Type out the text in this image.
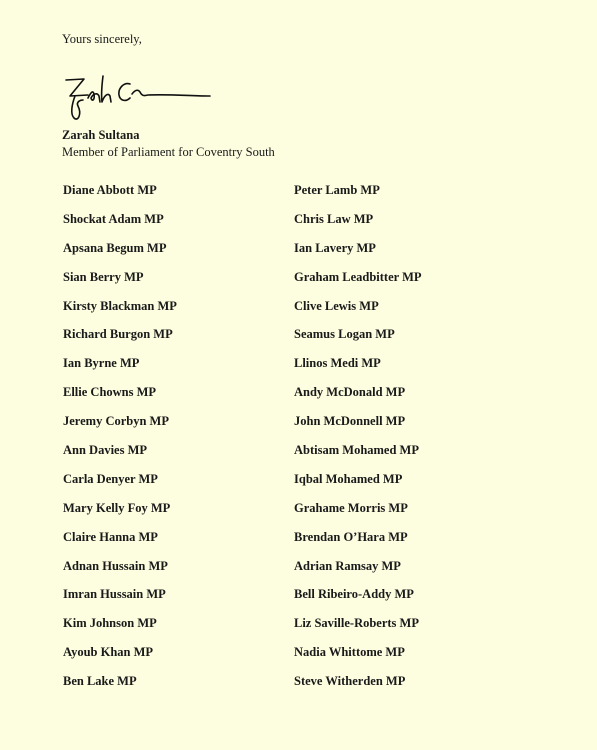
Yours sincerely,
Zarah Sultana
Member of Parliament for Coventry South
Diane Abbott MP
Shockat Adam MP
Apsana Begum MP
Sian Berry MP
Kirsty Blackman MP
Richard Burgon MP
Ian Byrne MP
Ellie Chowns MP
Jeremy Corbyn MP
Ann Davies MP
Carla Denyer MP
Mary Kelly Foy MP
Claire Hanna MP
Adnan Hussain MP
Imran Hussain MP
Kim Johnson MP
Ayoub Khan MP
Ben Lake MP
Peter Lamb MP
Chris Law MP
Ian Lavery MP
Graham Leadbitter MP
Clive Lewis MP
Seamus Logan MP
Llinos Medi MP
Andy McDonald MP
John McDonnell MP
Abtisam Mohamed MP
Iqbal Mohamed MP
Grahame Morris MP
Brendan O’Hara MP
Adrian Ramsay MP
Bell Ribeiro-Addy MP
Liz Saville-Roberts MP
Nadia Whittome MP
Steve Witherden MP
